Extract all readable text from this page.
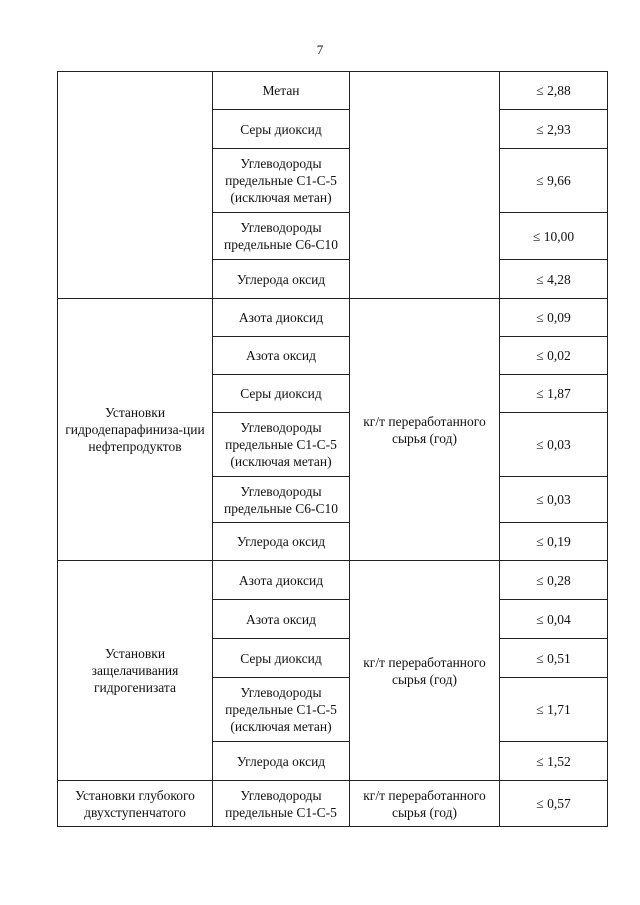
7
	Метан		≤ 2,88
	Серы диоксид		≤ 2,93
	Углеводороды предельные С1-С-5 (исключая метан)		≤ 9,66
	Углеводороды предельные С6-С10		≤ 10,00
	Углерода оксид		≤ 4,28
Установки гидродепарафиниза-ции нефтепродуктов	Азота диоксид	кг/т переработанного сырья (год)	≤ 0,09
	Азота оксид		≤ 0,02
	Серы диоксид		≤ 1,87
	Углеводороды предельные С1-С-5 (исключая метан)		≤ 0,03
	Углеводороды предельные С6-С10		≤ 0,03
	Углерода оксид		≤ 0,19
Установки защелачивания гидрогенизата	Азота диоксид	кг/т переработанного сырья (год)	≤ 0,28
	Азота оксид		≤ 0,04
	Серы диоксид		≤ 0,51
	Углеводороды предельные С1-С-5 (исключая метан)		≤ 1,71
	Углерода оксид		≤ 1,52
Установки глубокого двухступенчатого	Углеводороды предельные С1-С-5	кг/т переработанного сырья (год)	≤ 0,57
